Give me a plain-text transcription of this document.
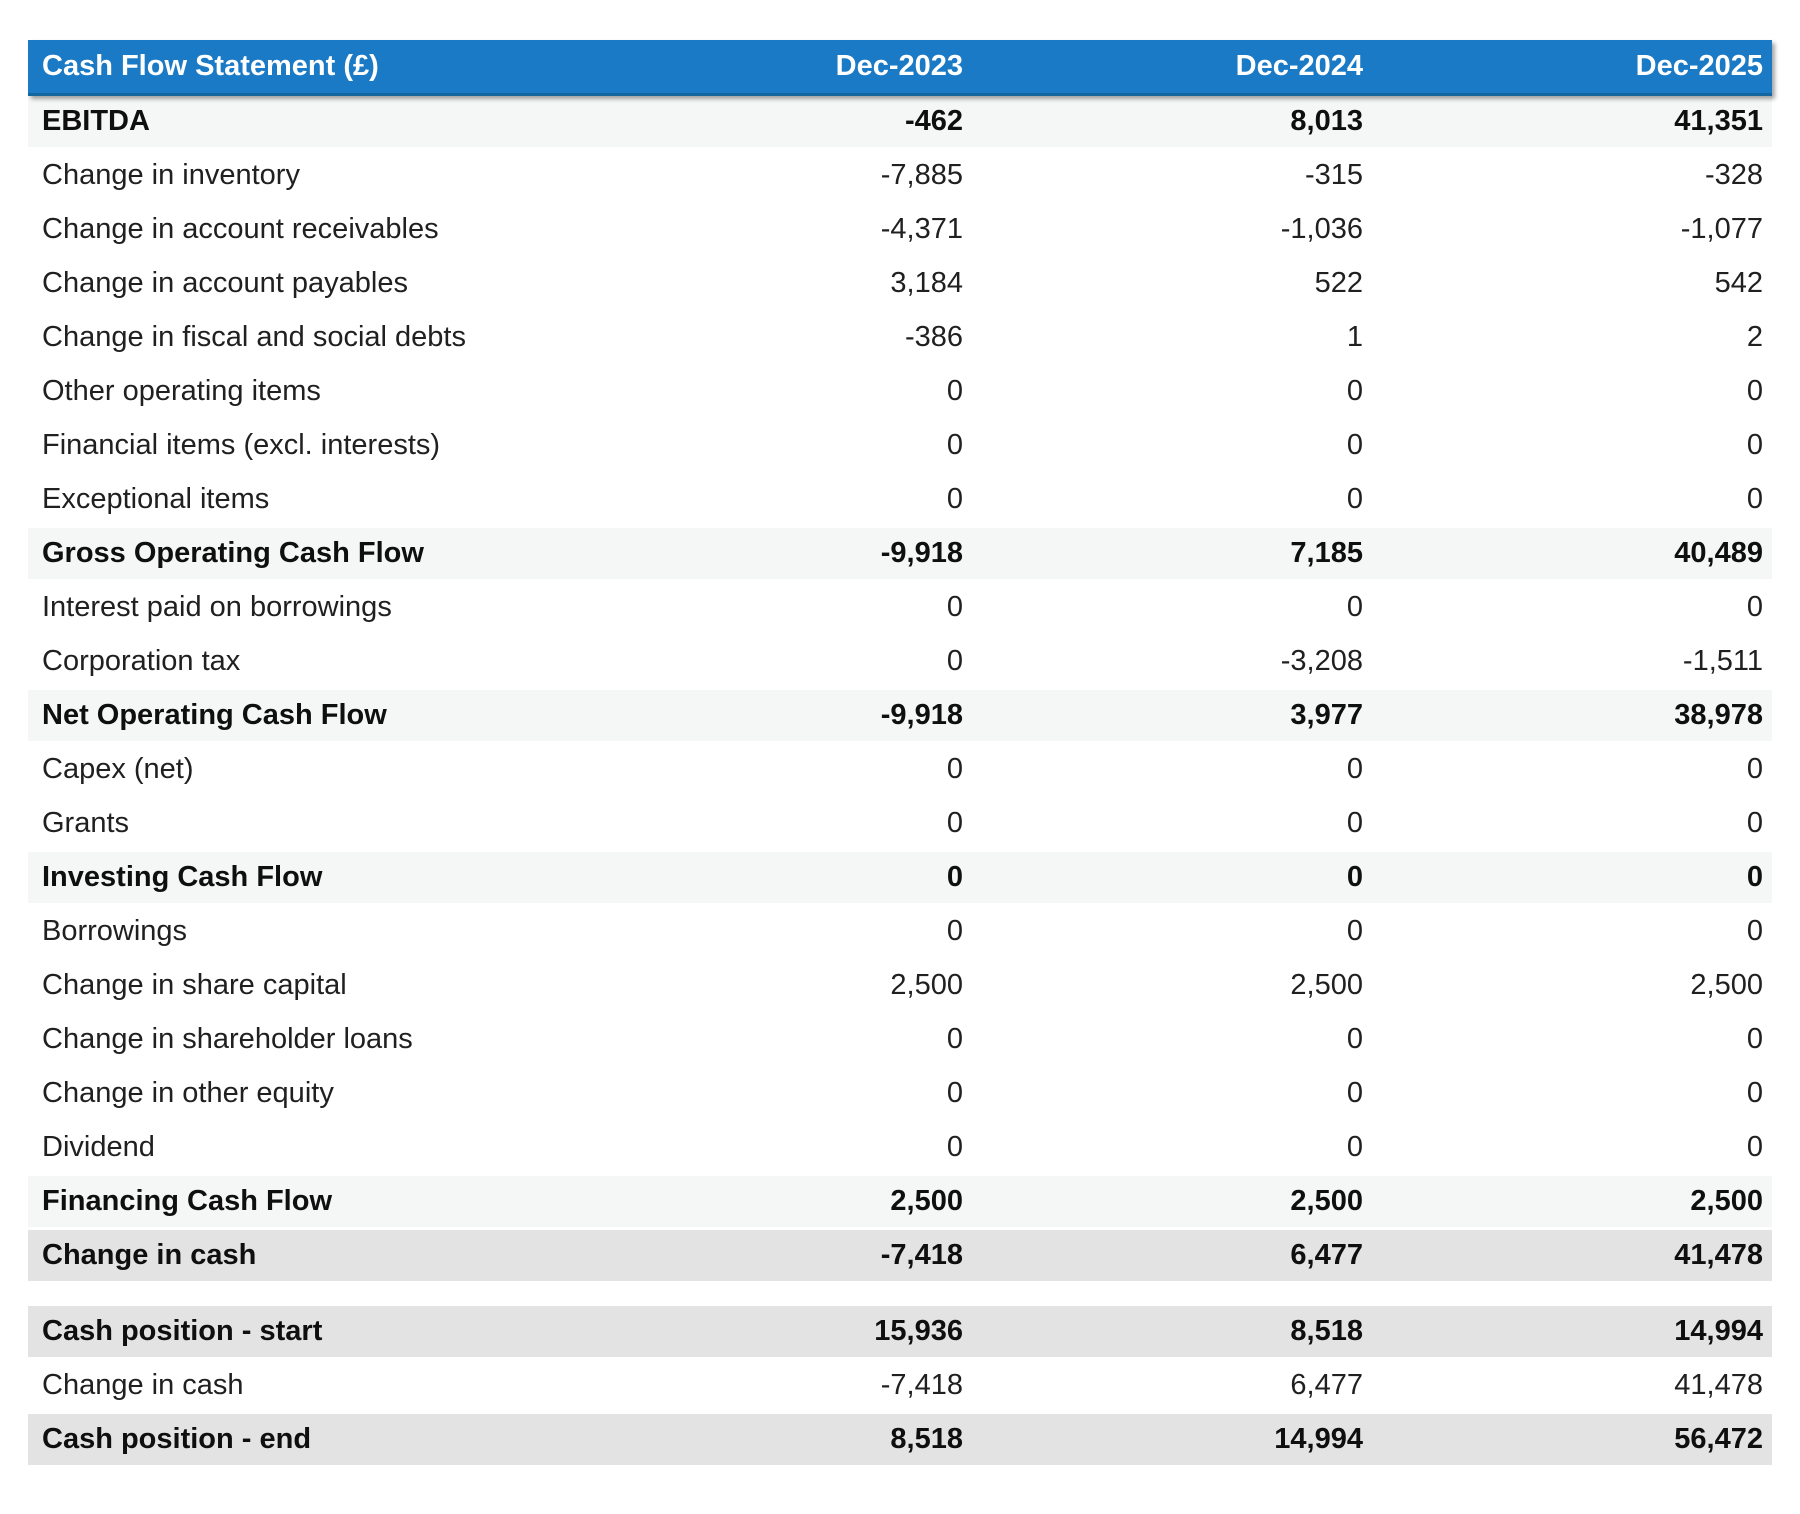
Cash Flow Statement (£)	Dec-2023	Dec-2024	Dec-2025
EBITDA	-462	8,013	41,351
Change in inventory	-7,885	-315	-328
Change in account receivables	-4,371	-1,036	-1,077
Change in account payables	3,184	522	542
Change in fiscal and social debts	-386	1	2
Other operating items	0	0	0
Financial items (excl. interests)	0	0	0
Exceptional items	0	0	0
Gross Operating Cash Flow	-9,918	7,185	40,489
Interest paid on borrowings	0	0	0
Corporation tax	0	-3,208	-1,511
Net Operating Cash Flow	-9,918	3,977	38,978
Capex (net)	0	0	0
Grants	0	0	0
Investing Cash Flow	0	0	0
Borrowings	0	0	0
Change in share capital	2,500	2,500	2,500
Change in shareholder loans	0	0	0
Change in other equity	0	0	0
Dividend	0	0	0
Financing Cash Flow	2,500	2,500	2,500
Change in cash	-7,418	6,477	41,478
Cash position - start	15,936	8,518	14,994
Change in cash	-7,418	6,477	41,478
Cash position - end	8,518	14,994	56,472
